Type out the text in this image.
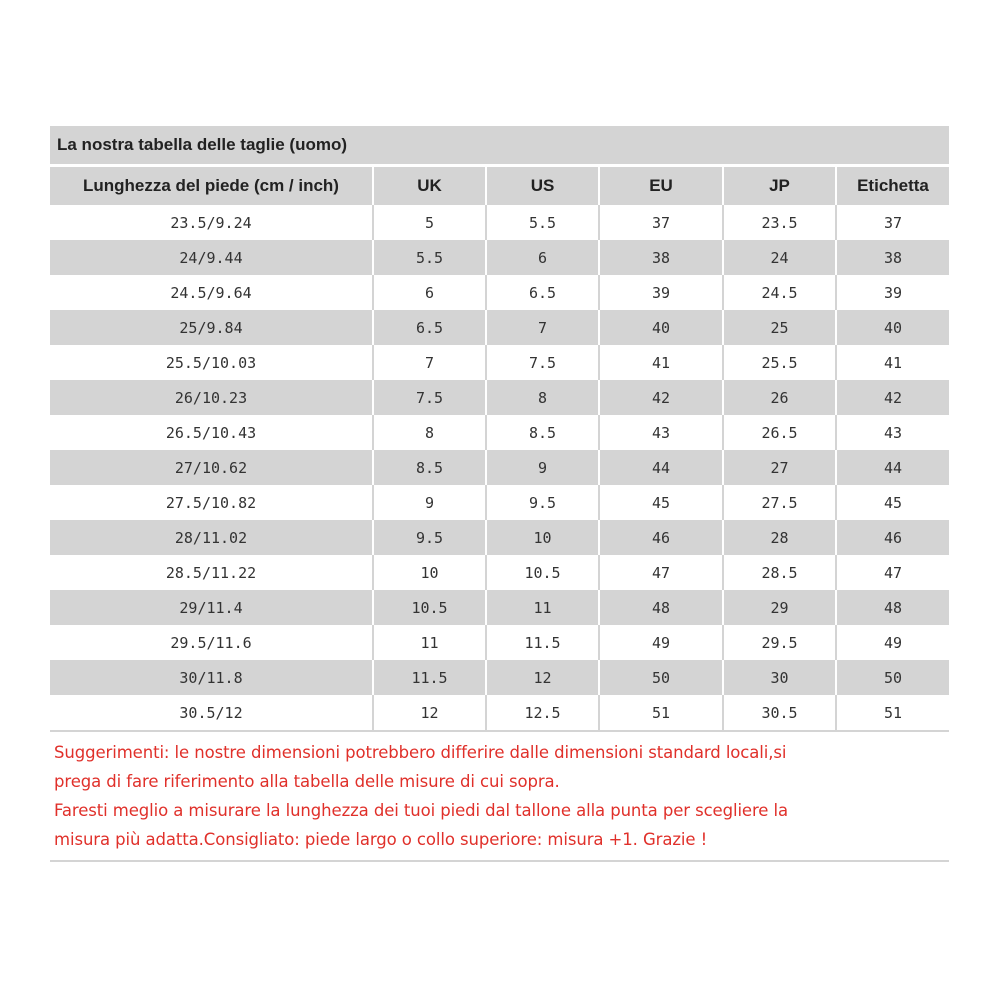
La nostra tabella delle taglie (uomo)
Lunghezza del piede (cm / inch)	UK	US	EU	JP	Etichetta
23.5/9.24	5	5.5	37	23.5	37
24/9.44	5.5	6	38	24	38
24.5/9.64	6	6.5	39	24.5	39
25/9.84	6.5	7	40	25	40
25.5/10.03	7	7.5	41	25.5	41
26/10.23	7.5	8	42	26	42
26.5/10.43	8	8.5	43	26.5	43
27/10.62	8.5	9	44	27	44
27.5/10.82	9	9.5	45	27.5	45
28/11.02	9.5	10	46	28	46
28.5/11.22	10	10.5	47	28.5	47
29/11.4	10.5	11	48	29	48
29.5/11.6	11	11.5	49	29.5	49
30/11.8	11.5	12	50	30	50
30.5/12	12	12.5	51	30.5	51

Suggerimenti: le nostre dimensioni potrebbero differire dalle dimensioni standard locali,si

prega di fare riferimento alla tabella delle misure di cui sopra.

Faresti meglio a misurare la lunghezza dei tuoi piedi dal tallone alla punta per scegliere la

misura più adatta.Consigliato: piede largo o collo superiore: misura +1. Grazie !
